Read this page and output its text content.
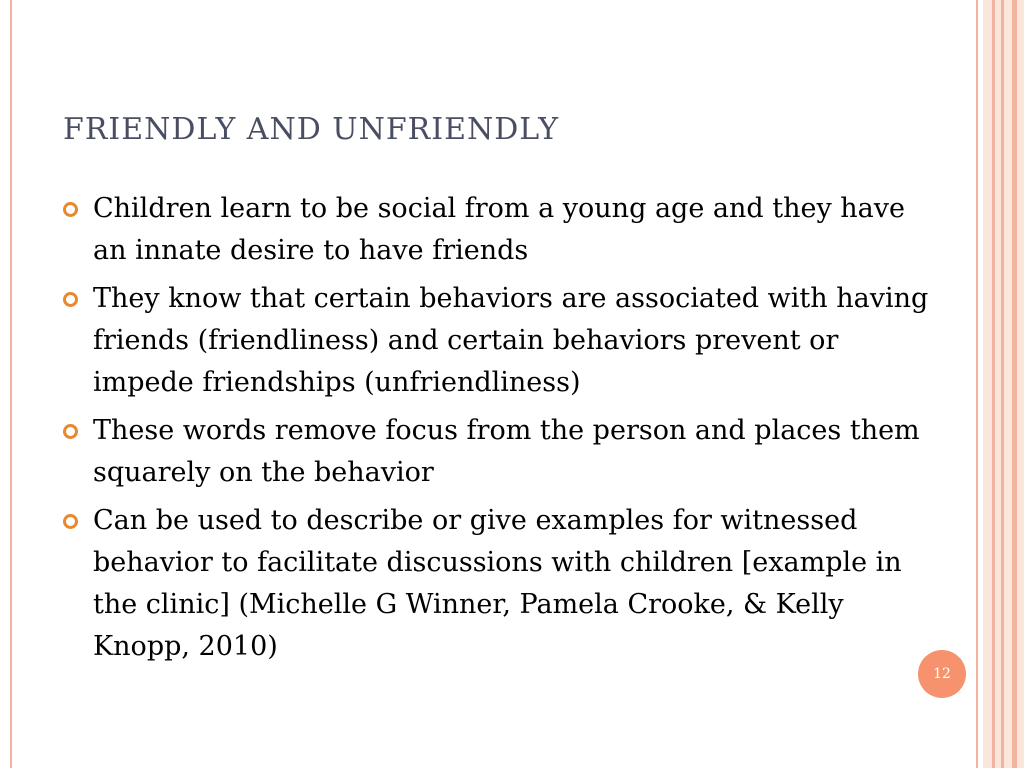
FRIENDLY AND UNFRIENDLY
Children learn to be social from a young age and they have an innate desire to have friends
They know that certain behaviors are associated with having friends (friendliness) and certain behaviors prevent or impede friendships (unfriendliness)
These words remove focus from the person and places them squarely on the behavior
Can be used to describe or give examples for witnessed behavior to facilitate discussions with children [example in the clinic] (Michelle G Winner, Pamela Crooke, & Kelly Knopp, 2010)
12
